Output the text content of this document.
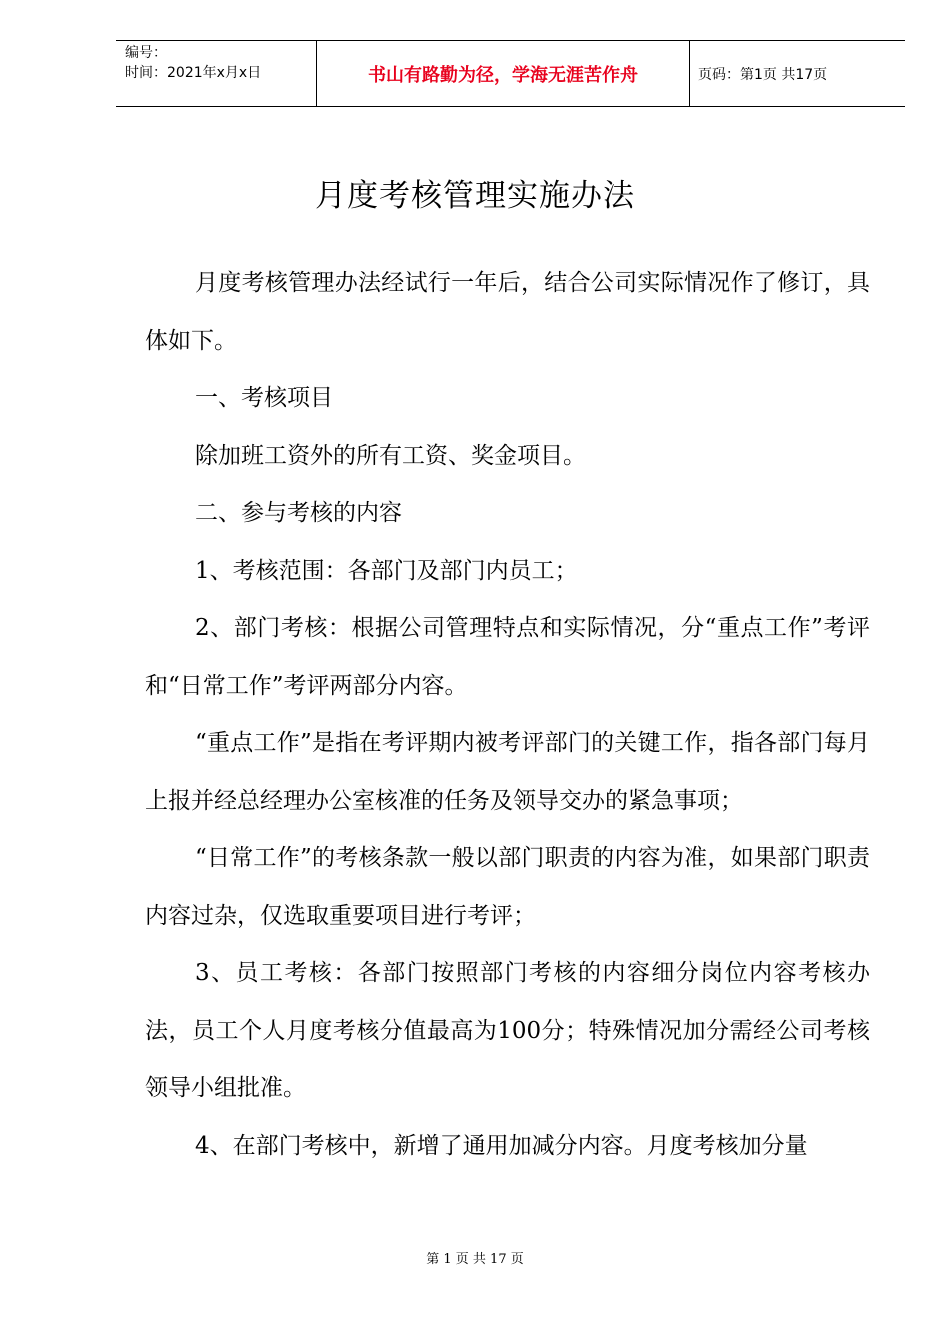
编号：
时间：2021年x月x日	书山有路勤为径，学海无涯苦作舟	页码：第1页 共17页
月度考核管理实施办法

月度考核管理办法经试行一年后，结合公司实际情况作了修订，具体如下。

一、考核项目

除加班工资外的所有工资、奖金项目。

二、参与考核的内容

1、考核范围：各部门及部门内员工；

2、部门考核：根据公司管理特点和实际情况，分“重点工作”考评和“日常工作”考评两部分内容。

“重点工作”是指在考评期内被考评部门的关键工作，指各部门每月上报并经总经理办公室核准的任务及领导交办的紧急事项；

“日常工作”的考核条款一般以部门职责的内容为准，如果部门职责内容过杂，仅选取重要项目进行考评；

3、员工考核：各部门按照部门考核的内容细分岗位内容考核办法，员工个人月度考核分值最高为100分；特殊情况加分需经公司考核领导小组批准。

4、在部门考核中，新增了通用加减分内容。月度考核加分量

第 1 页 共 17 页
